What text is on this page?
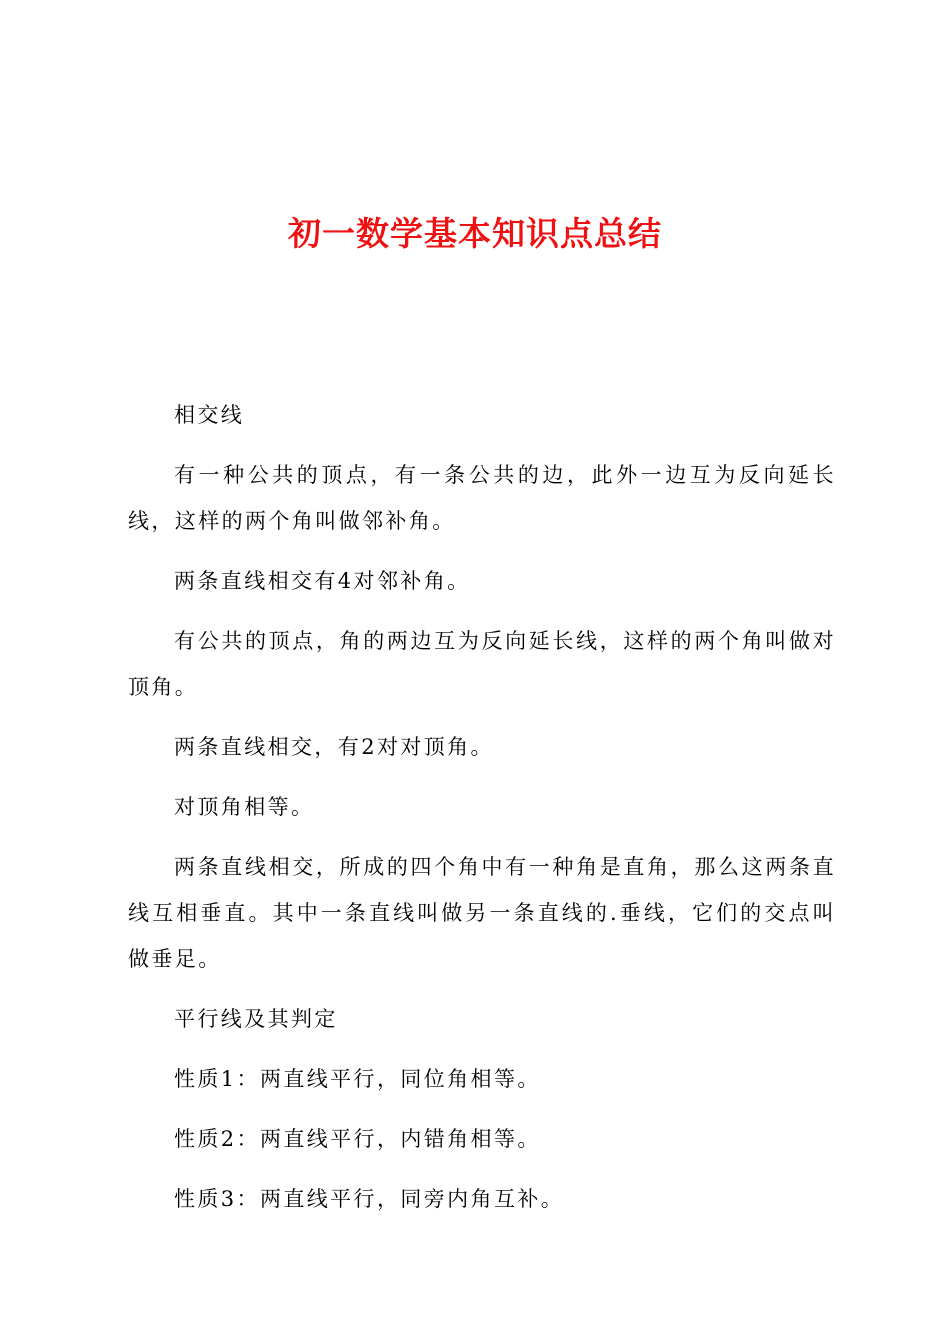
初一数学基本知识点总结

相交线

有一种公共的顶点，有一条公共的边，此外一边互为反向延长线，这样的两个角叫做邻补角。

两条直线相交有4对邻补角。

有公共的顶点，角的两边互为反向延长线，这样的两个角叫做对顶角。

两条直线相交，有2对对顶角。

对顶角相等。

两条直线相交，所成的四个角中有一种角是直角，那么这两条直线互相垂直。其中一条直线叫做另一条直线的.垂线，它们的交点叫做垂足。

平行线及其判定

性质1：两直线平行，同位角相等。

性质2：两直线平行，内错角相等。

性质3：两直线平行，同旁内角互补。
